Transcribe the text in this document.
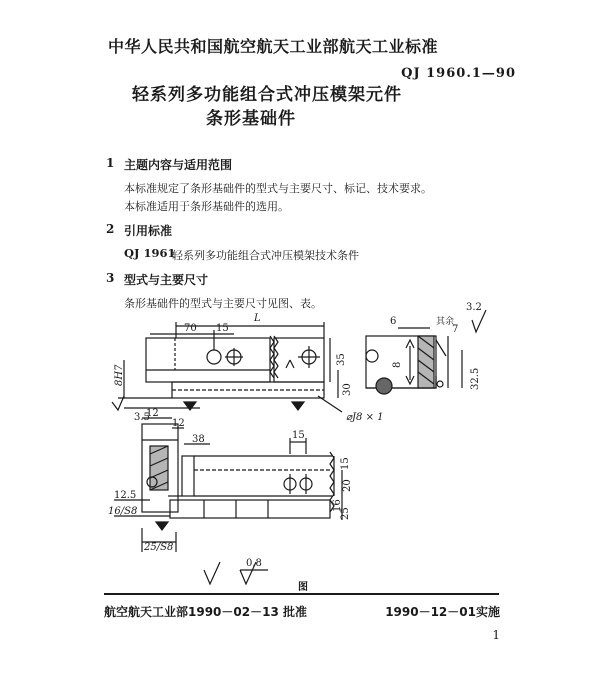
中华人民共和国航空航天工业部航天工业标准
QJ 1960.1—90
轻系列多功能组合式冲压模架元件
条形基础件
1 主题内容与适用范围
本标准规定了条形基础件的型式与主要尺寸、标记、技术要求。
本标准适用于条形基础件的选用。
2 引用标准
QJ 1961
轻系列多功能组合式冲压模架技术条件
3 型式与主要尺寸
条形基础件的型式与主要尺寸见图、表。
70 15
L	6
7
其余
3.2
8
32.5
35
30
8H7
3.5	⌀J8 × 1
12
12
38	15
15
20
16
25
12.5
16/S8
25/S8
0.8
图
航空航天工业部1990－02－13 批准	1990－12－01实施
1
